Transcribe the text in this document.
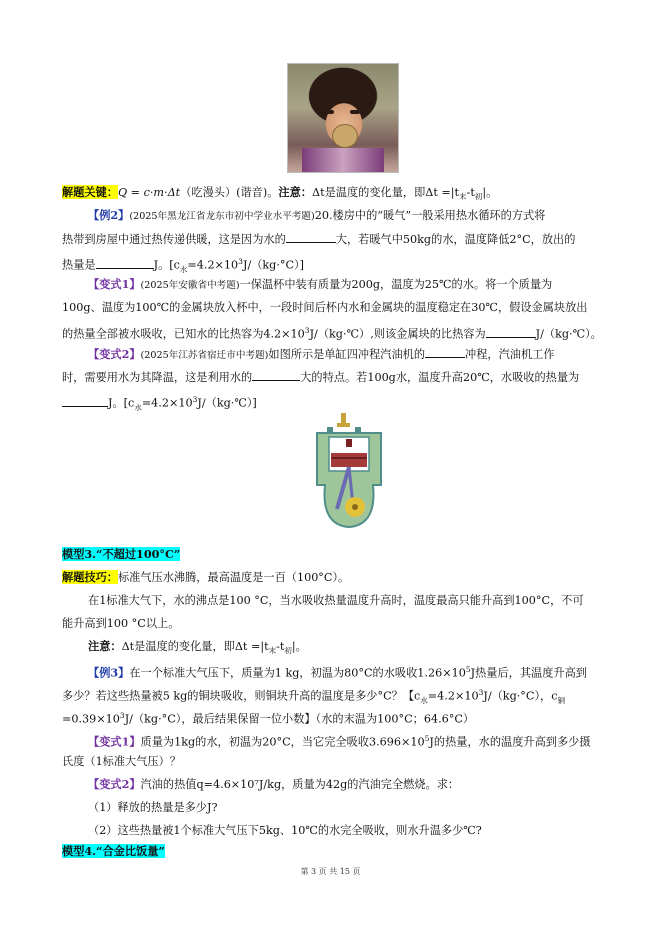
解题关键：Q = c·m·Δt（吃漫头）(谐音)。注意：Δt是温度的变化量，即$\Delta t =|t_末-t_初|$。
【例2】(2025年黑龙江省龙东市初中学业水平考题)20.楼房中的“暖气”一般采用热水循环的方式将
热带到房屋中通过热传递供暖，这是因为水的	大，若暖气中50kg的水，温度降低2°C，放出的
热量是	J。$[c_水=4.2\times 10^3J/(kg\cdot^\circ C)]$
【变式1】(2025年安徽省中考题)一保温杯中装有质量为200g，温度为25℃的水。将一个质量为
100g、温度为100℃的金属块放入杯中，一段时间后杯内水和金属块的温度稳定在30℃，假设金属块放出
的热量全部被水吸收，已知水的比热容为$4.2\times 10^3J/(kg\cdot℃)$,则该金属块的比热容为	J/（kg·℃）。
【变式2】(2025年江苏省宿迁市中考题)如图所示是单缸四冲程汽油机的	冲程，汽油机工作
时，需要用水为其降温，这是利用水的	大的特点。若100g水，温度升高20℃，水吸收的热量为
J。$[c_水=4.2\times 10^3J/(kg\cdot℃)]$
模型3.“不超过100°C”
解题技巧：标准气压水沸腾，最高温度是一百（100°C）。
在1标准大气下，水的沸点是100 °C，当水吸收热量温度升高时，温度最高只能升高到100°C，不可
能升高到100 °C以上。
注意：Δt是温度的变化量，即$\Delta t =|t_末-t_初|$。
【例3】在一个标准大气压下，质量为1 kg，初温为80°C的水吸收$1.26\times 10^5J$热量后，其温度升高到
多少？若这些热量被5 kg的铜块吸收，则铜块升高的温度是多少°C？【$c_水=4.2\times 10^3J/(kg\cdot^\circ C)$，$c_铜$
$=0.39\times 10^3J/(kg\cdot^\circ C)$，最后结果保留一位小数】（水的末温为100°C；64.6°C）
【变式1】质量为1kg的水，初温为20°C，当它完全吸收$3.696\times 10^5J$的热量，水的温度升高到多少摄
氏度（1标准大气压）？
【变式2】汽油的热值q=4.6×10⁷J/kg，质量为42g的汽油完全燃烧。求：
（1）释放的热量是多少J?
（2）这些热量被1个标准大气压下5kg、10℃的水完全吸收，则水升温多少℃?
模型4.“合金比饭量”
第 3 页 共 15 页
